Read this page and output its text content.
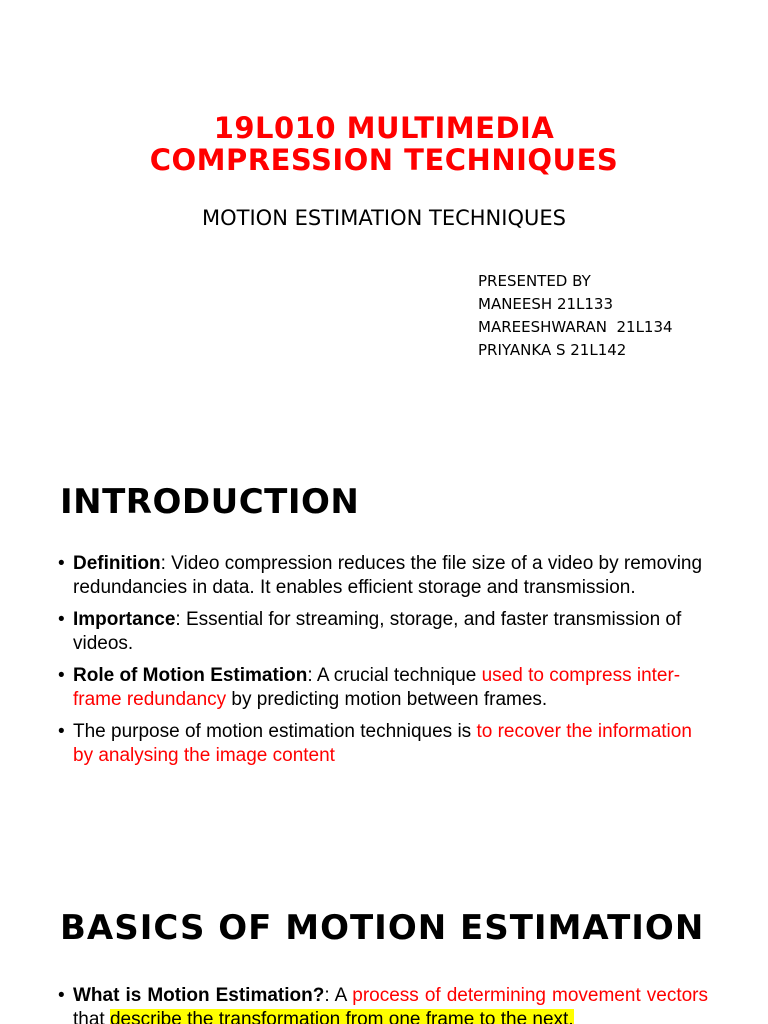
19L010 MULTIMEDIA
COMPRESSION TECHNIQUES
MOTION ESTIMATION TECHNIQUES
PRESENTED BY
MANEESH 21L133
MAREESHWARAN  21L134
PRIYANKA S 21L142
INTRODUCTION
• Definition: Video compression reduces the file size of a video by removing redundancies in data. It enables efficient storage and transmission.
• Importance: Essential for streaming, storage, and faster transmission of videos.
• Role of Motion Estimation: A crucial technique used to compress inter-frame redundancy by predicting motion between frames.
• The purpose of motion estimation techniques is to recover the information by analysing the image content
BASICS OF MOTION ESTIMATION
• What is Motion Estimation?: A process of determining movement vectors that describe the transformation from one frame to the next.
